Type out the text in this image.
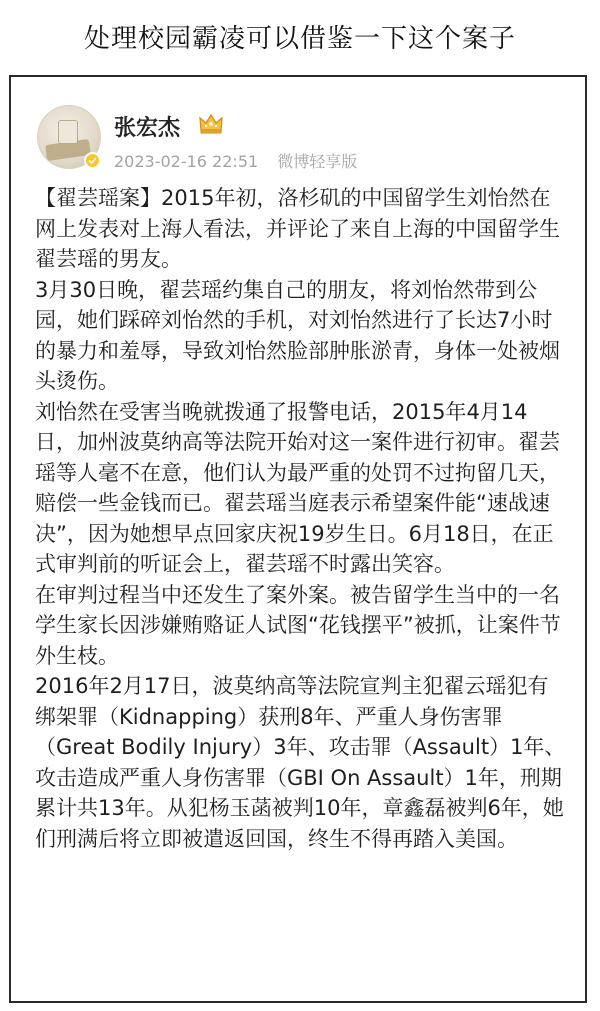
处理校园霸凌可以借鉴一下这个案子
张宏杰
2023-02-16 22:51 微博轻享版

【翟芸瑶案】2015年初，洛杉矶的中国留学生刘怡然在网上发表对上海人看法，并评论了来自上海的中国留学生翟芸瑶的男友。

3月30日晚，翟芸瑶约集自己的朋友，将刘怡然带到公园，她们踩碎刘怡然的手机，对刘怡然进行了长达7小时的暴力和羞辱，导致刘怡然脸部肿胀淤青，身体一处被烟头烫伤。

刘怡然在受害当晚就拨通了报警电话，2015年4月14日，加州波莫纳高等法院开始对这一案件进行初审。翟芸瑶等人毫不在意，他们认为最严重的处罚不过拘留几天，赔偿一些金钱而已。翟芸瑶当庭表示希望案件能“速战速决”，因为她想早点回家庆祝19岁生日。6月18日，在正式审判前的听证会上，翟芸瑶不时露出笑容。

在审判过程当中还发生了案外案。被告留学生当中的一名学生家长因涉嫌贿赂证人试图“花钱摆平”被抓，让案件节外生枝。

2016年2月17日，波莫纳高等法院宣判主犯翟云瑶犯有绑架罪（Kidnapping）获刑8年、严重人身伤害罪（Great Bodily Injury）3年、攻击罪（Assault）1年、攻击造成严重人身伤害罪（GBI On Assault）1年，刑期累计共13年。从犯杨玉菡被判10年，章鑫磊被判6年，她们刑满后将立即被遣返回国，终生不得再踏入美国。
